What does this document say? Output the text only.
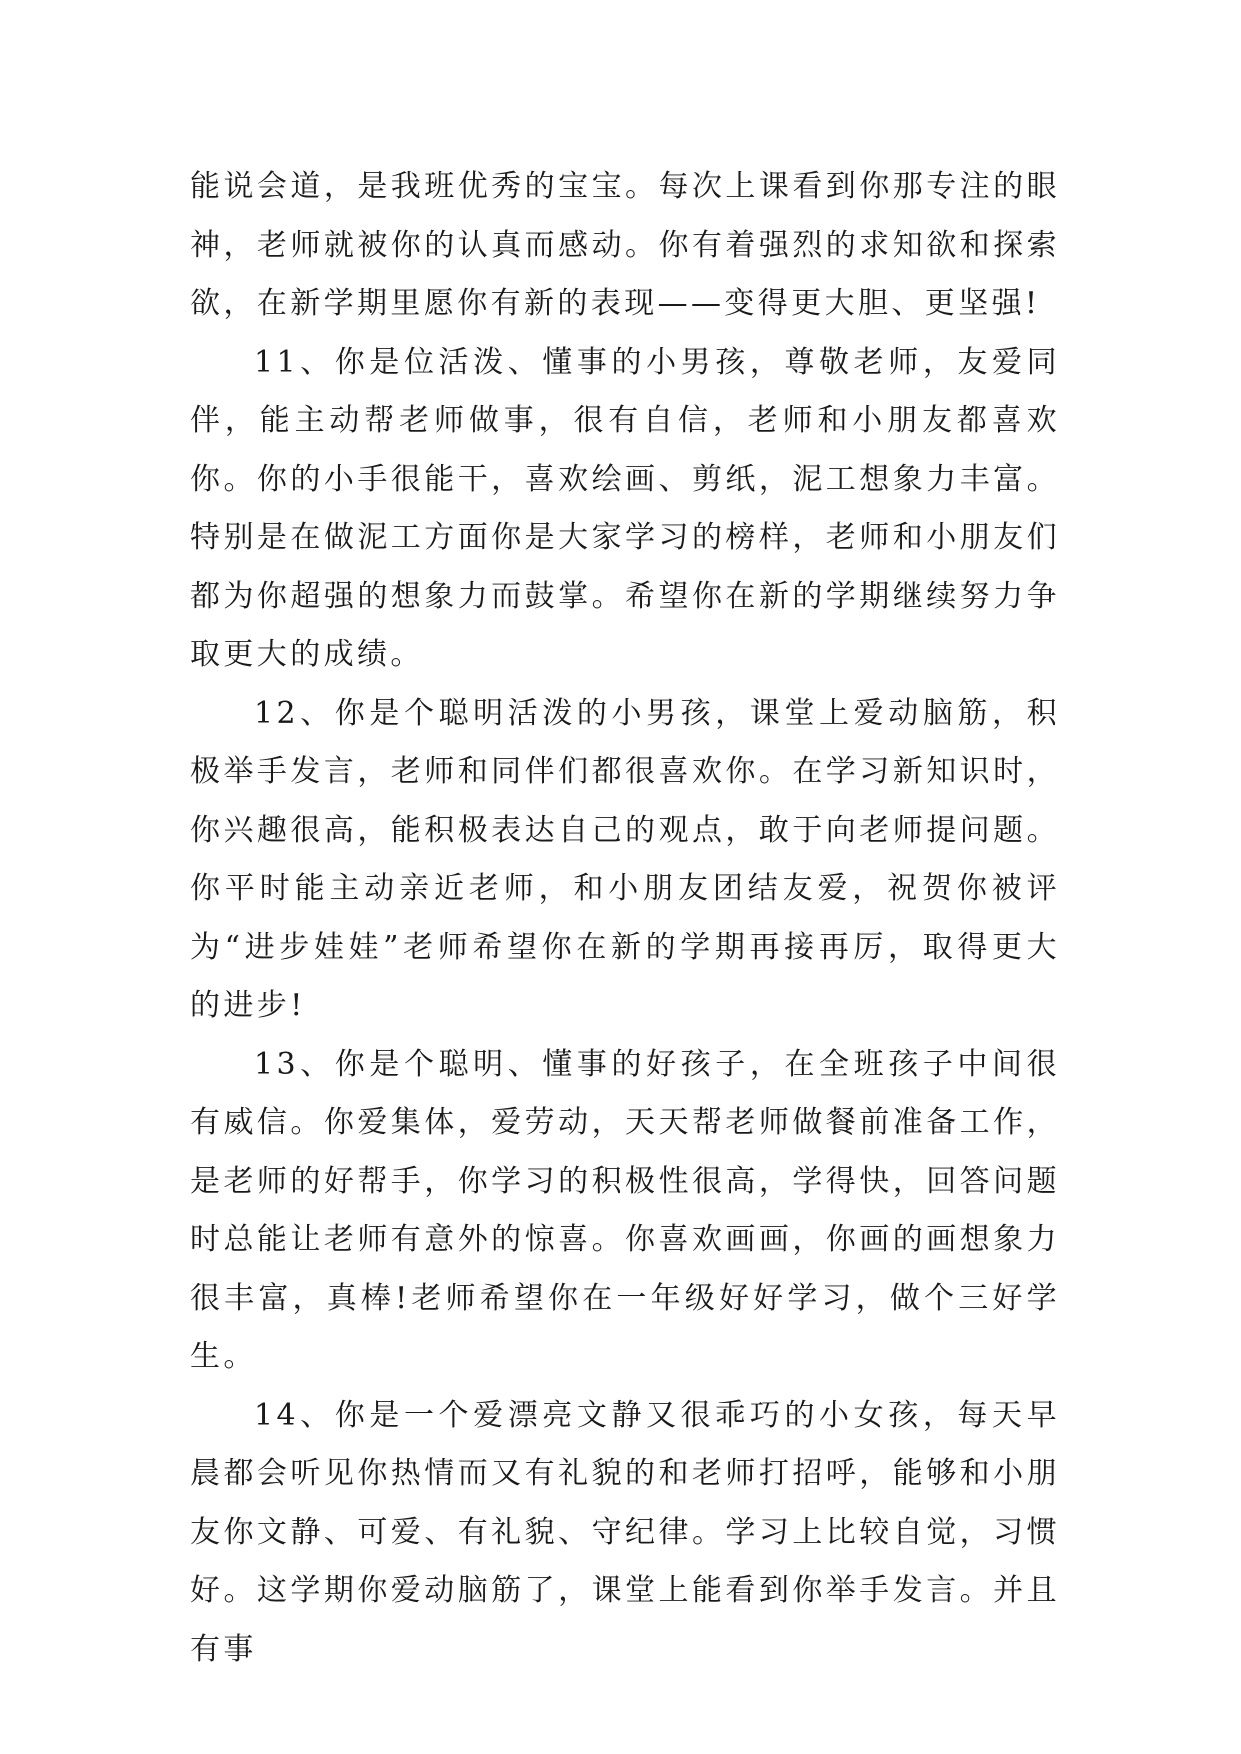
能说会道，是我班优秀的宝宝。每次上课看到你那专注的眼神，老师就被你的认真而感动。你有着强烈的求知欲和探索欲，在新学期里愿你有新的表现——变得更大胆、更坚强!

11、你是位活泼、懂事的小男孩，尊敬老师，友爱同伴，能主动帮老师做事，很有自信，老师和小朋友都喜欢你。你的小手很能干，喜欢绘画、剪纸，泥工想象力丰富。特别是在做泥工方面你是大家学习的榜样，老师和小朋友们都为你超强的想象力而鼓掌。希望你在新的学期继续努力争取更大的成绩。

12、你是个聪明活泼的小男孩，课堂上爱动脑筋，积极举手发言，老师和同伴们都很喜欢你。在学习新知识时，你兴趣很高，能积极表达自己的观点，敢于向老师提问题。你平时能主动亲近老师，和小朋友团结友爱，祝贺你被评为“进步娃娃”老师希望你在新的学期再接再厉，取得更大的进步!

13、你是个聪明、懂事的好孩子，在全班孩子中间很有威信。你爱集体，爱劳动，天天帮老师做餐前准备工作，是老师的好帮手，你学习的积极性很高，学得快，回答问题时总能让老师有意外的惊喜。你喜欢画画，你画的画想象力很丰富，真棒!老师希望你在一年级好好学习，做个三好学生。

14、你是一个爱漂亮文静又很乖巧的小女孩，每天早晨都会听见你热情而又有礼貌的和老师打招呼，能够和小朋友你文静、可爱、有礼貌、守纪律。学习上比较自觉，习惯好。这学期你爱动脑筋了，课堂上能看到你举手发言。并且有事
